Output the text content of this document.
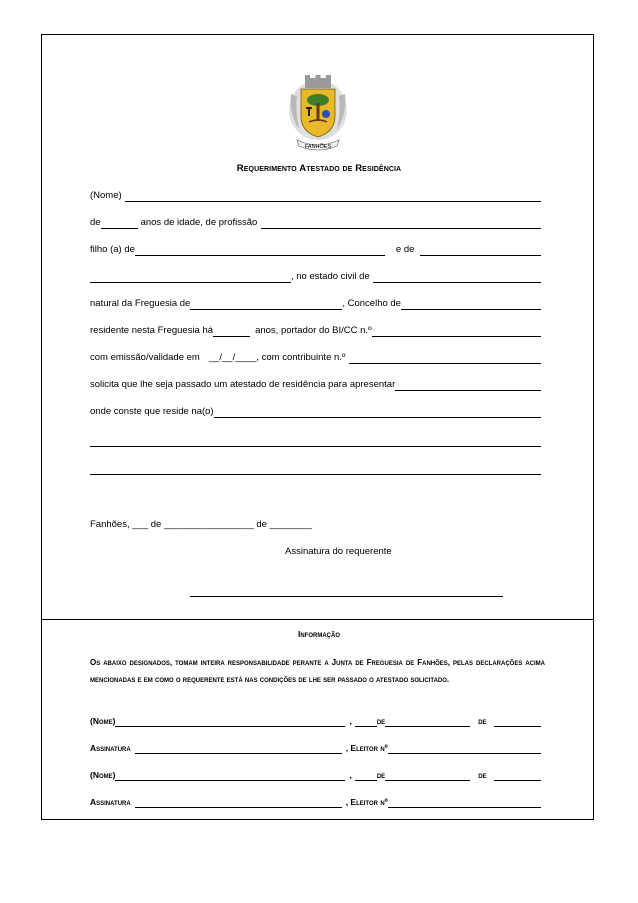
FANHÕES
Requerimento Atestado de Residência
(Nome)
de	anos de idade, de profissão
filho (a) de	e de
, no estado civil de
natural da Freguesia de	, Concelho de
residente nesta Freguesia há	anos, portador do BI/CC n.º
com emissão/validade em __/__/____ , com contribuinte n.º
solicita que lhe seja passado um atestado de residência para apresentar
onde conste que reside na(o)
Fanhões, ___ de _________________ de ________
Assinatura do requerente
Informação
Os abaixo designados, tomam inteira responsabilidade perante a Junta de Freguesia de Fanhões, pelas declarações acima mencionadas e em como o requerente está nas condições de lhe ser passado o atestado solicitado.
(Nome)	,	de	de
Assinatura	, Eleitor nº
(Nome)	,	de	de
Assinatura	, Eleitor nº
